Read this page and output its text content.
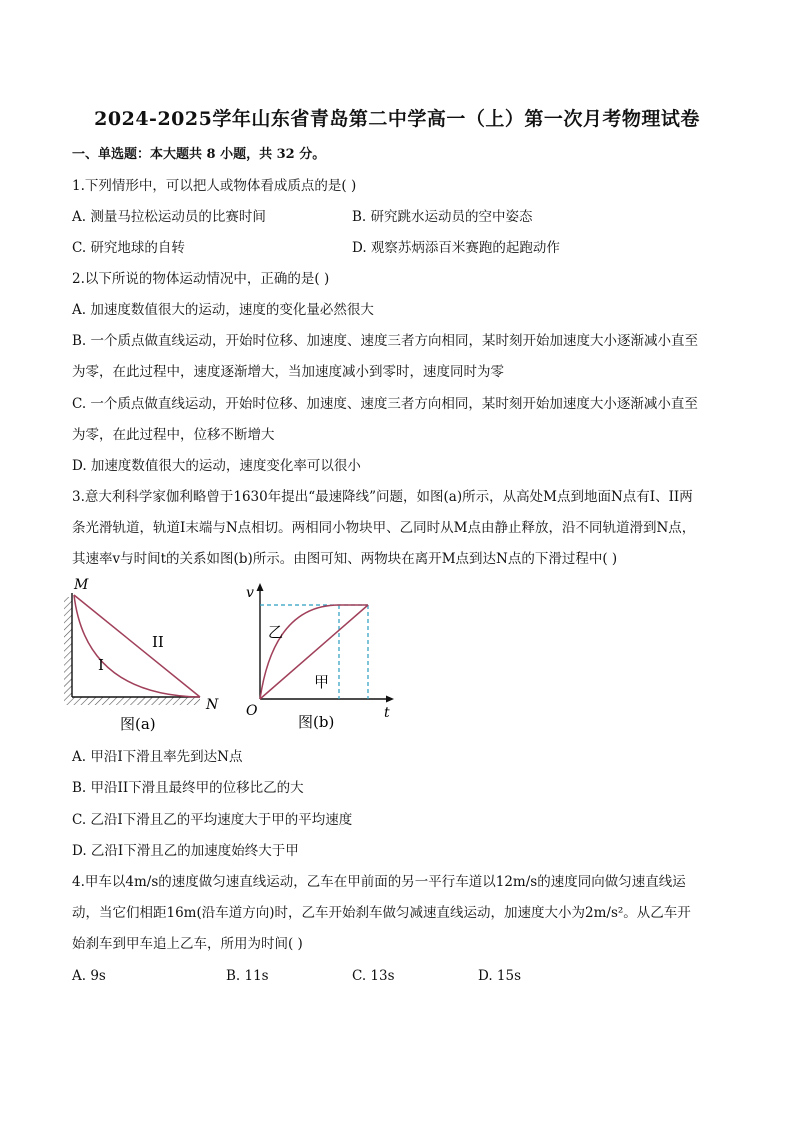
2024-2025学年山东省青岛第二中学高一（上）第一次月考物理试卷
一、单选题：本大题共 8 小题，共 32 分。
1.下列情形中，可以把人或物体看成质点的是( )
A. 测量马拉松运动员的比赛时间	B. 研究跳水运动员的空中姿态
C. 研究地球的自转	D. 观察苏炳添百米赛跑的起跑动作
2.以下所说的物体运动情况中，正确的是( )
A. 加速度数值很大的运动，速度的变化量必然很大
B. 一个质点做直线运动，开始时位移、加速度、速度三者方向相同，某时刻开始加速度大小逐渐减小直至
为零，在此过程中，速度逐渐增大，当加速度减小到零时，速度同时为零
C. 一个质点做直线运动，开始时位移、加速度、速度三者方向相同，某时刻开始加速度大小逐渐减小直至
为零，在此过程中，位移不断增大
D. 加速度数值很大的运动，速度变化率可以很小
3.意大利科学家伽利略曾于1630年提出“最速降线”问题，如图(a)所示，从高处M点到地面N点有I、II两
条光滑轨道，轨道I末端与N点相切。两相同小物块甲、乙同时从M点由静止释放，沿不同轨道滑到N点，
其速率v与时间t的关系如图(b)所示。由图可知、两物块在离开M点到达N点的下滑过程中( )
M
N
I
II
图(a)
v
t
O
乙
甲
图(b)
A. 甲沿I下滑且率先到达N点
B. 甲沿II下滑且最终甲的位移比乙的大
C. 乙沿I下滑且乙的平均速度大于甲的平均速度
D. 乙沿I下滑且乙的加速度始终大于甲
4.甲车以4m/s的速度做匀速直线运动，乙车在甲前面的另一平行车道以12m/s的速度同向做匀速直线运
动，当它们相距16m(沿车道方向)时，乙车开始刹车做匀减速直线运动，加速度大小为2m/s²。从乙车开
始刹车到甲车追上乙车，所用为时间( )
A. 9s	B. 11s	C. 13s	D. 15s
